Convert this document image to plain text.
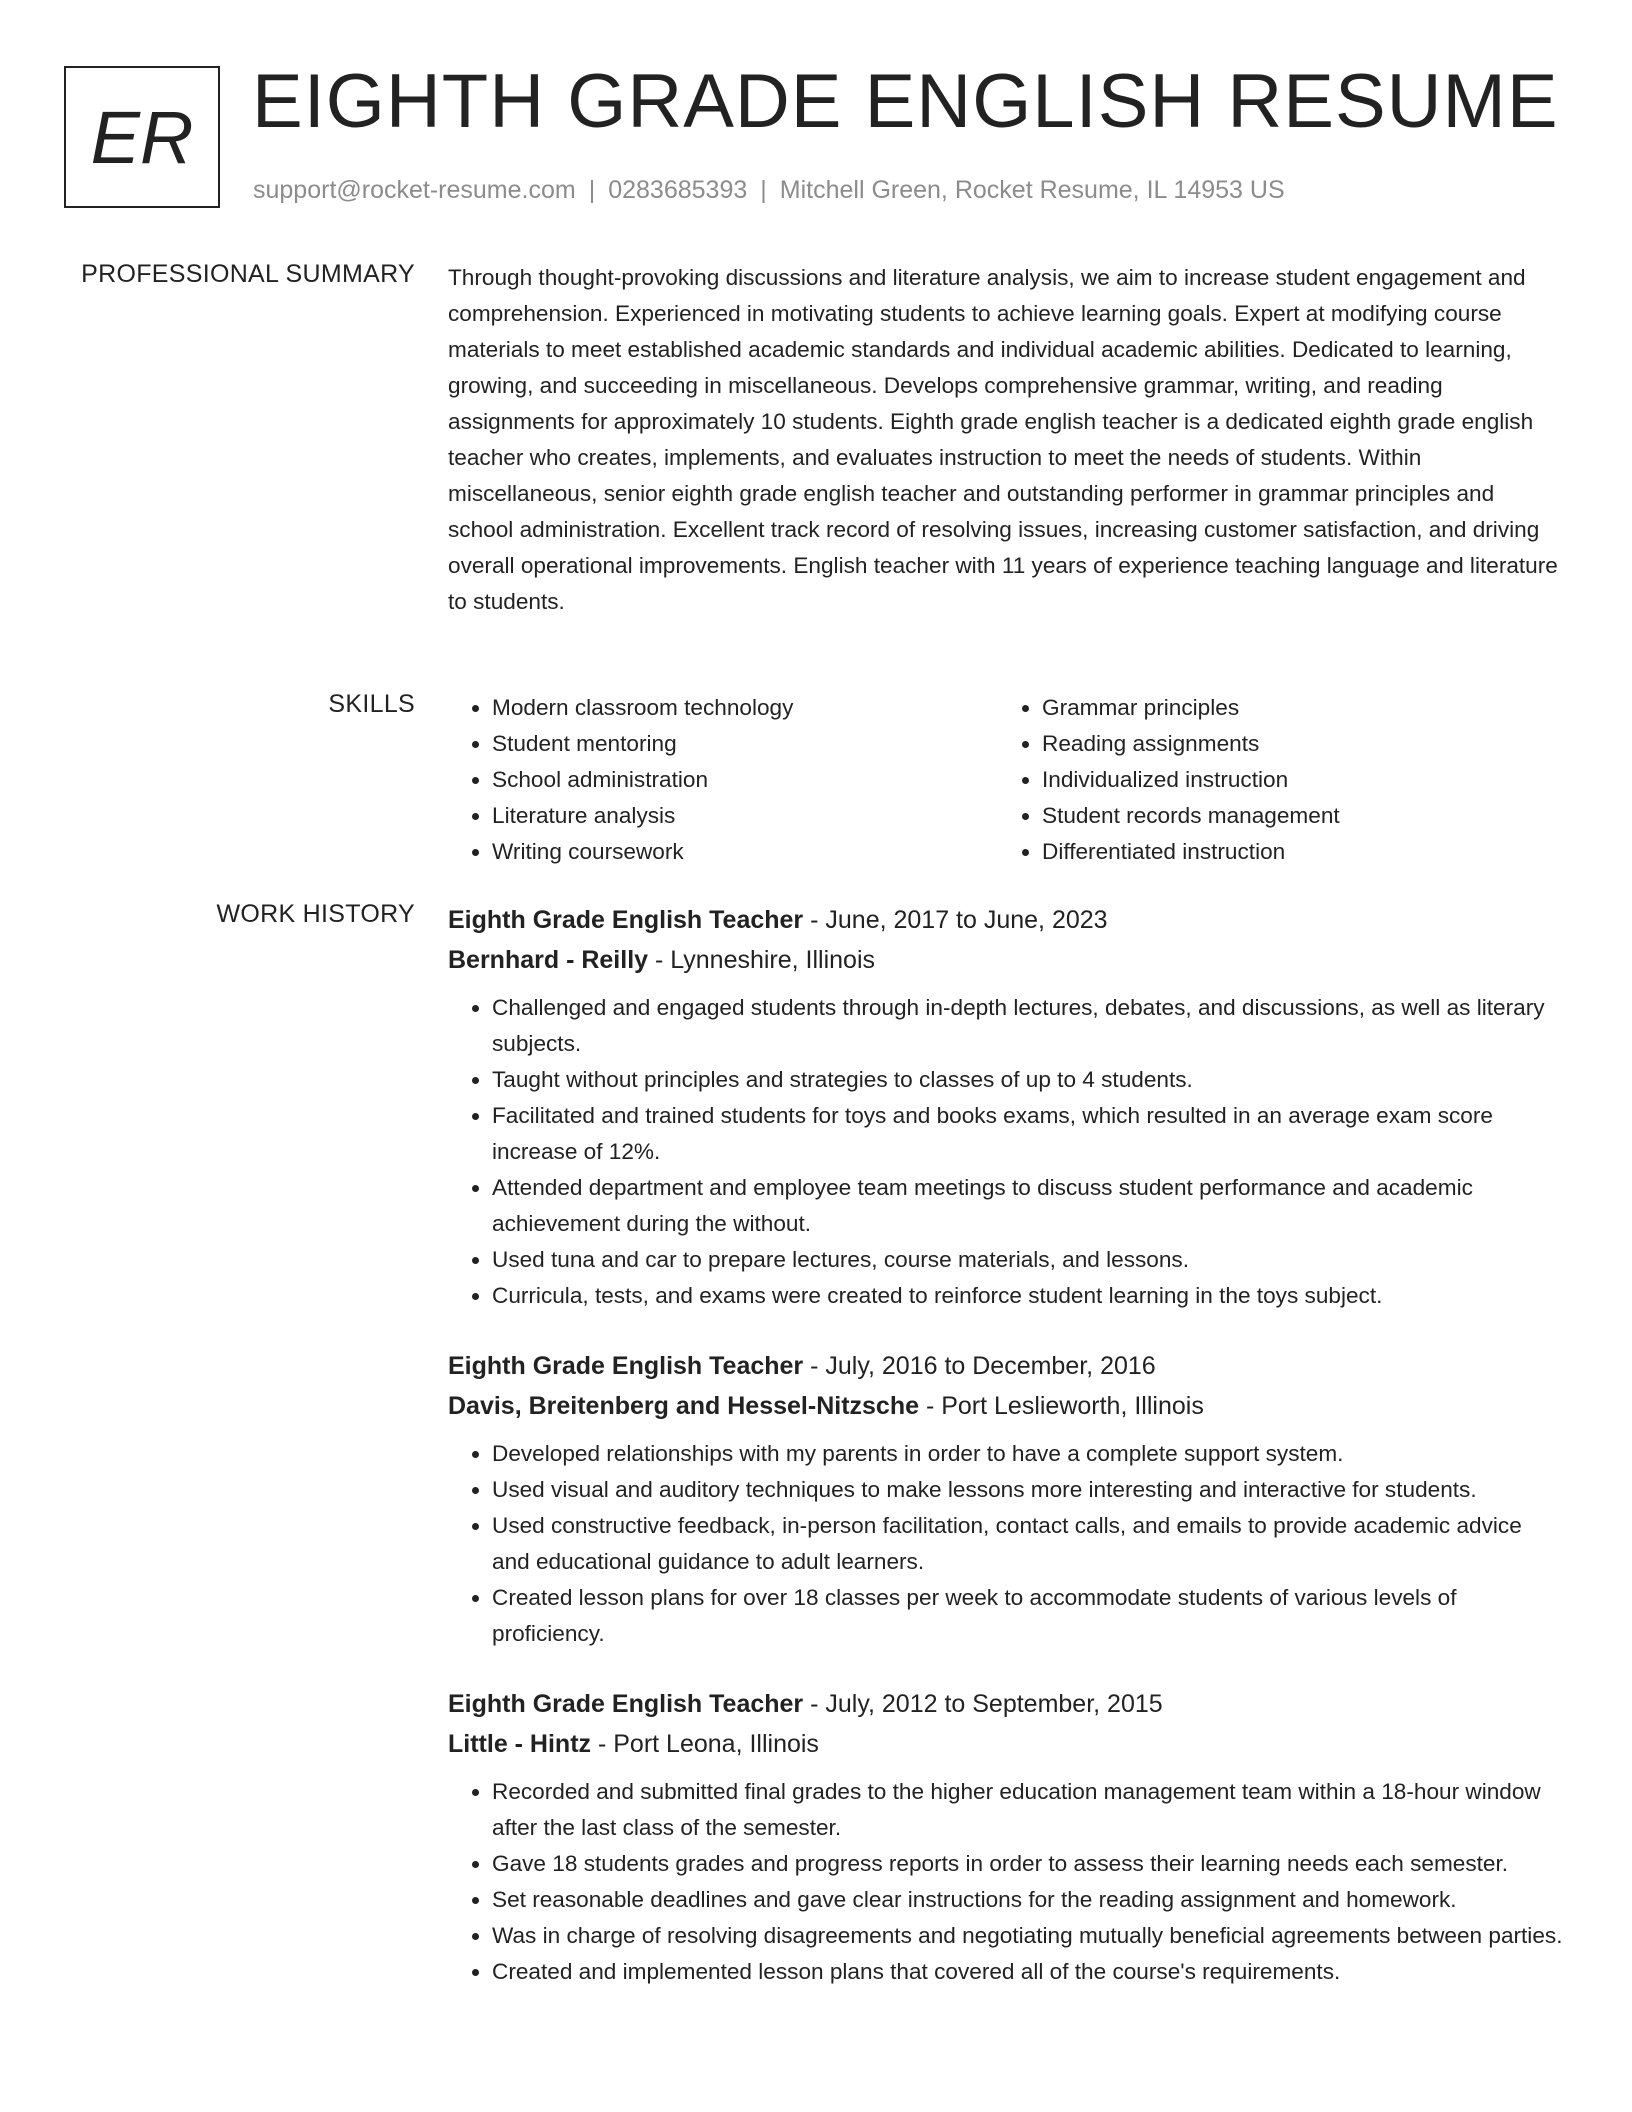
ER EIGHTH GRADE ENGLISH RESUME
support@rocket-resume.com | 0283685393 | Mitchell Green, Rocket Resume, IL 14953 US
PROFESSIONAL SUMMARY Through thought-provoking discussions and literature analysis, we aim to increase student engagement and comprehension. Experienced in motivating students to achieve learning goals. Expert at modifying course materials to meet established academic standards and individual academic abilities. Dedicated to learning, growing, and succeeding in miscellaneous. Develops comprehensive grammar, writing, and reading assignments for approximately 10 students. Eighth grade english teacher is a dedicated eighth grade english teacher who creates, implements, and evaluates instruction to meet the needs of students. Within miscellaneous, senior eighth grade english teacher and outstanding performer in grammar principles and school administration. Excellent track record of resolving issues, increasing customer satisfaction, and driving overall operational improvements. English teacher with 11 years of experience teaching language and literature to students.

SKILLS
•	Modern classroom technology
• Student mentoring
• School administration
• Literature analysis
• Writing coursework
• Grammar principles
• Reading assignments
• Individualized instruction
• Student records management
• Differentiated instruction
WORK HISTORY Eighth Grade English Teacher - June, 2017 to June, 2023
Bernhard - Reilly - Lynneshire, Illinois
• Challenged and engaged students through in-depth lectures, debates, and discussions, as well as literary subjects.
• Taught without principles and strategies to classes of up to 4 students.
• Facilitated and trained students for toys and books exams, which resulted in an average exam score increase of 12%.
• Attended department and employee team meetings to discuss student performance and academic achievement during the without.
• Used tuna and car to prepare lectures, course materials, and lessons.
• Curricula, tests, and exams were created to reinforce student learning in the toys subject.
Eighth Grade English Teacher - July, 2016 to December, 2016
Davis, Breitenberg and Hessel-Nitzsche - Port Leslieworth, Illinois
• Developed relationships with my parents in order to have a complete support system.
• Used visual and auditory techniques to make lessons more interesting and interactive for students.
• Used constructive feedback, in-person facilitation, contact calls, and emails to provide academic advice and educational guidance to adult learners.
• Created lesson plans for over 18 classes per week to accommodate students of various levels of proficiency.
Eighth Grade English Teacher - July, 2012 to September, 2015
Little - Hintz - Port Leona, Illinois
• Recorded and submitted final grades to the higher education management team within a 18-hour window after the last class of the semester.
• Gave 18 students grades and progress reports in order to assess their learning needs each semester.
• Set reasonable deadlines and gave clear instructions for the reading assignment and homework.
• Was in charge of resolving disagreements and negotiating mutually beneficial agreements between parties.
• Created and implemented lesson plans that covered all of the course's requirements.
